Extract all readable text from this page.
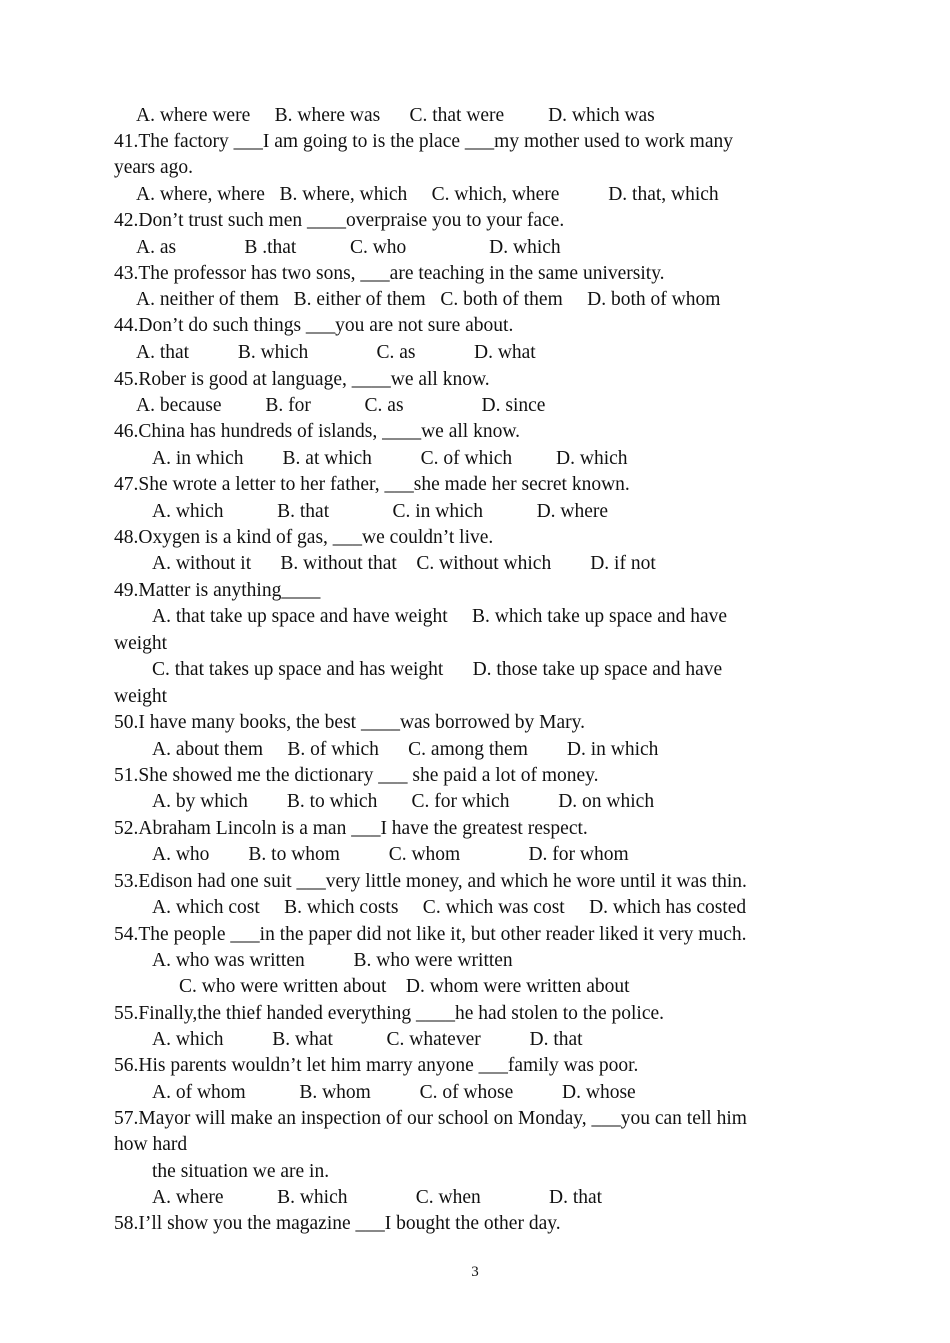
A. where were     B. where was      C. that were         D. which was

41.The factory ___I am going to is the place ___my mother used to work many

years ago.

A. where, where   B. where, which     C. which, where          D. that, which

42.Don’t trust such men ____overpraise you to your face.

A. as              B .that           C. who                 D. which

43.The professor has two sons, ___are teaching in the same university.

A. neither of them   B. either of them   C. both of them     D. both of whom

44.Don’t do such things ___you are not sure about.

A. that          B. which              C. as            D. what

45.Rober is good at language, ____we all know.

A. because         B. for           C. as                D. since

46.China has hundreds of islands, ____we all know.

A. in which        B. at which          C. of which         D. which

47.She wrote a letter to her father, ___she made her secret known.

A. which           B. that             C. in which           D. where

48.Oxygen is a kind of gas, ___we couldn’t live.

A. without it      B. without that    C. without which        D. if not

49.Matter is anything____

A. that take up space and have weight     B. which take up space and have

weight

C. that takes up space and has weight      D. those take up space and have

weight

50.I have many books, the best ____was borrowed by Mary.

A. about them     B. of which      C. among them        D. in which

51.She showed me the dictionary ___ she paid a lot of money.

A. by which        B. to which       C. for which          D. on which

52.Abraham Lincoln is a man ___I have the greatest respect.

A. who        B. to whom          C. whom              D. for whom

53.Edison had one suit ___very little money, and which he wore until it was thin.

A. which cost     B. which costs     C. which was cost     D. which has costed

54.The people ___in the paper did not like it, but other reader liked it very much.

A. who was written          B. who were written

C. who were written about    D. whom were written about

55.Finally,the thief handed everything ____he had stolen to the police.

A. which          B. what           C. whatever          D. that

56.His parents wouldn’t let him marry anyone ___family was poor.

A. of whom           B. whom          C. of whose          D. whose

57.Mayor will make an inspection of our school on Monday, ___you can tell him

how hard

the situation we are in.

A. where           B. which              C. when              D. that

58.I’ll show you the magazine ___I bought the other day.

3
